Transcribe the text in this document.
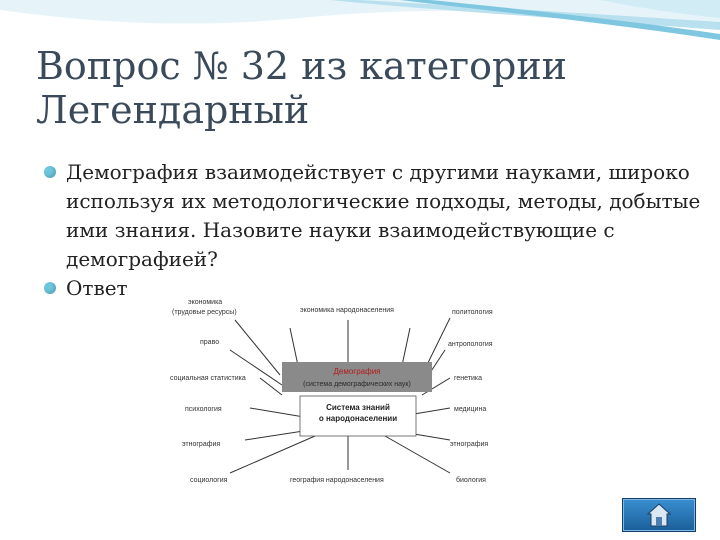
Вопрос № 32 из категории
Легендарный
Демография взаимодействует с другими науками, широко используя их методологические подходы, методы, добытые ими знания. Назовите науки взаимодействующие с демографией?
Ответ
Демография
(система демографических наук)
Система знаний
о народонаселении
экономика
(трудовые ресурсы)
право
социальная статистика
психология
этнография
социология
экономика народонаселения	политология
антропология
генетика
медицина
этнография
биология
география народонаселения
